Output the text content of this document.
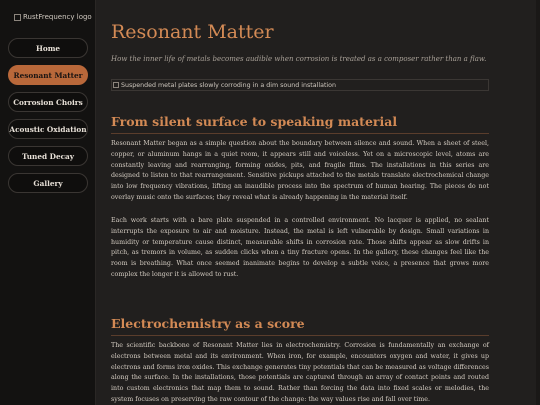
RustFrequency logo
Home
Resonant Matter
Corrosion Choirs
Acoustic Oxidation
Tuned Decay
Gallery
Resonant Matter
How the inner life of metals becomes audible when corrosion is treated as a composer rather than a flaw.
Suspended metal plates slowly corroding in a dim sound installation
From silent surface to speaking material

Resonant Matter began as a simple question about the boundary between silence and sound. When a sheet of steel, copper, or aluminum hangs in a quiet room, it appears still and voiceless. Yet on a microscopic level, atoms are constantly leaving and rearranging, forming oxides, pits, and fragile films. The installations in this series are designed to listen to that rearrangement. Sensitive pickups attached to the metals translate electrochemical change into low frequency vibrations, lifting an inaudible process into the spectrum of human hearing. The pieces do not overlay music onto the surfaces; they reveal what is already happening in the material itself.

Each work starts with a bare plate suspended in a controlled environment. No lacquer is applied, no sealant interrupts the exposure to air and moisture. Instead, the metal is left vulnerable by design. Small variations in humidity or temperature cause distinct, measurable shifts in corrosion rate. Those shifts appear as slow drifts in pitch, as tremors in volume, as sudden clicks when a tiny fracture opens. In the gallery, these changes feel like the room is breathing. What once seemed inanimate begins to develop a subtle voice, a presence that grows more complex the longer it is allowed to rust.

Electrochemistry as a score

The scientific backbone of Resonant Matter lies in electrochemistry. Corrosion is fundamentally an exchange of electrons between metal and its environment. When iron, for example, encounters oxygen and water, it gives up electrons and forms iron oxides. This exchange generates tiny potentials that can be measured as voltage differences along the surface. In the installations, those potentials are captured through an array of contact points and routed into custom electronics that map them to sound. Rather than forcing the data into fixed scales or melodies, the system focuses on preserving the raw contour of the change: the way values rise and fall over time.
